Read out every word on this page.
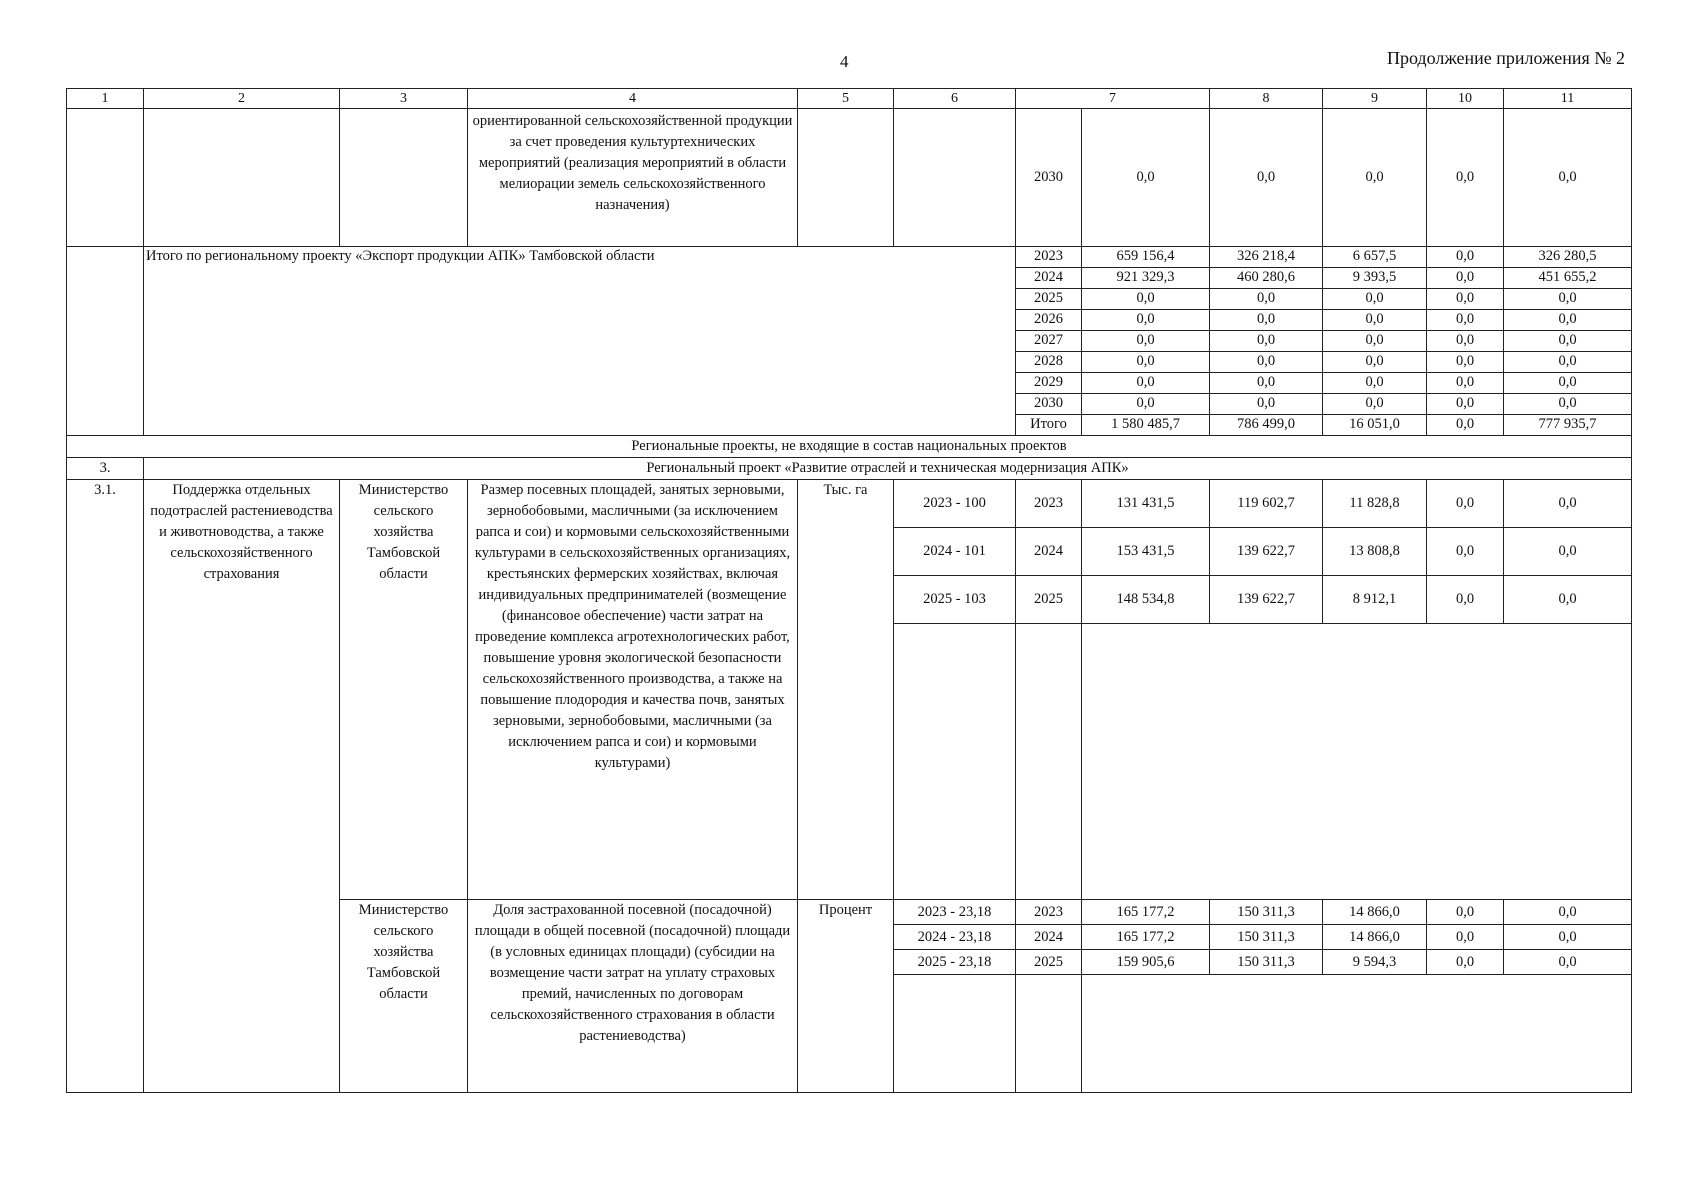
4	Продолжение приложения № 2
1	2	3	4	5	6	7		8	9	10	11
			ориентированной сельскохозяйственной продукции за счет проведения культуртехнических мероприятий (реализация мероприятий в области мелиорации земель сельскохозяйственного назначения)			2030	0,0	0,0	0,0	0,0	0,0
	Итого по региональному проекту «Экспорт продукции АПК» Тамбовской области					2023	659 156,4	326 218,4	6 657,5	0,0	326 280,5
						2024	921 329,3	460 280,6	9 393,5	0,0	451 655,2
						2025	0,0	0,0	0,0	0,0	0,0
						2026	0,0	0,0	0,0	0,0	0,0
						2027	0,0	0,0	0,0	0,0	0,0
						2028	0,0	0,0	0,0	0,0	0,0
						2029	0,0	0,0	0,0	0,0	0,0
						2030	0,0	0,0	0,0	0,0	0,0
						Итого	1 580 485,7	786 499,0	16 051,0	0,0	777 935,7
Региональные проекты, не входящие в состав национальных проектов											
3.	Региональный проект «Развитие отраслей и техническая модернизация АПК»										
3.1.	Поддержка отдельных подотраслей растениеводства и животноводства, а также сельскохозяйственного страхования	Министерство сельского хозяйства Тамбовской области	Размер посевных площадей, занятых зерновыми, зернобобовыми, масличными (за исключением рапса и сои) и кормовыми сельскохозяйственными культурами в сельскохозяйственных организациях, крестьянских фермерских хозяйствах, включая индивидуальных предпринимателей (возмещение (финансовое обеспечение) части затрат на проведение комплекса агротехнологических работ, повышение уровня экологической безопасности сельскохозяйственного производства, а также на повышение плодородия и качества почв, занятых зерновыми, зернобобовыми, масличными (за исключением рапса и сои) и кормовыми культурами)	Тыс. га	2023 - 100	2023	131 431,5	119 602,7	11 828,8	0,0	0,0
					2024 - 101	2024	153 431,5	139 622,7	13 808,8	0,0	0,0
					2025 - 103	2025	148 534,8	139 622,7	8 912,1	0,0	0,0

		Министерство сельского хозяйства Тамбовской области	Доля застрахованной посевной (посадочной) площади в общей посевной (посадочной) площади (в условных единицах площади) (субсидии на возмещение части затрат на уплату страховых премий, начисленных по договорам сельскохозяйственного страхования в области растениеводства)	Процент	2023 - 23,18	2023	165 177,2	150 311,3	14 866,0	0,0	0,0
					2024 - 23,18	2024	165 177,2	150 311,3	14 866,0	0,0	0,0
					2025 - 23,18	2025	159 905,6	150 311,3	9 594,3	0,0	0,0
